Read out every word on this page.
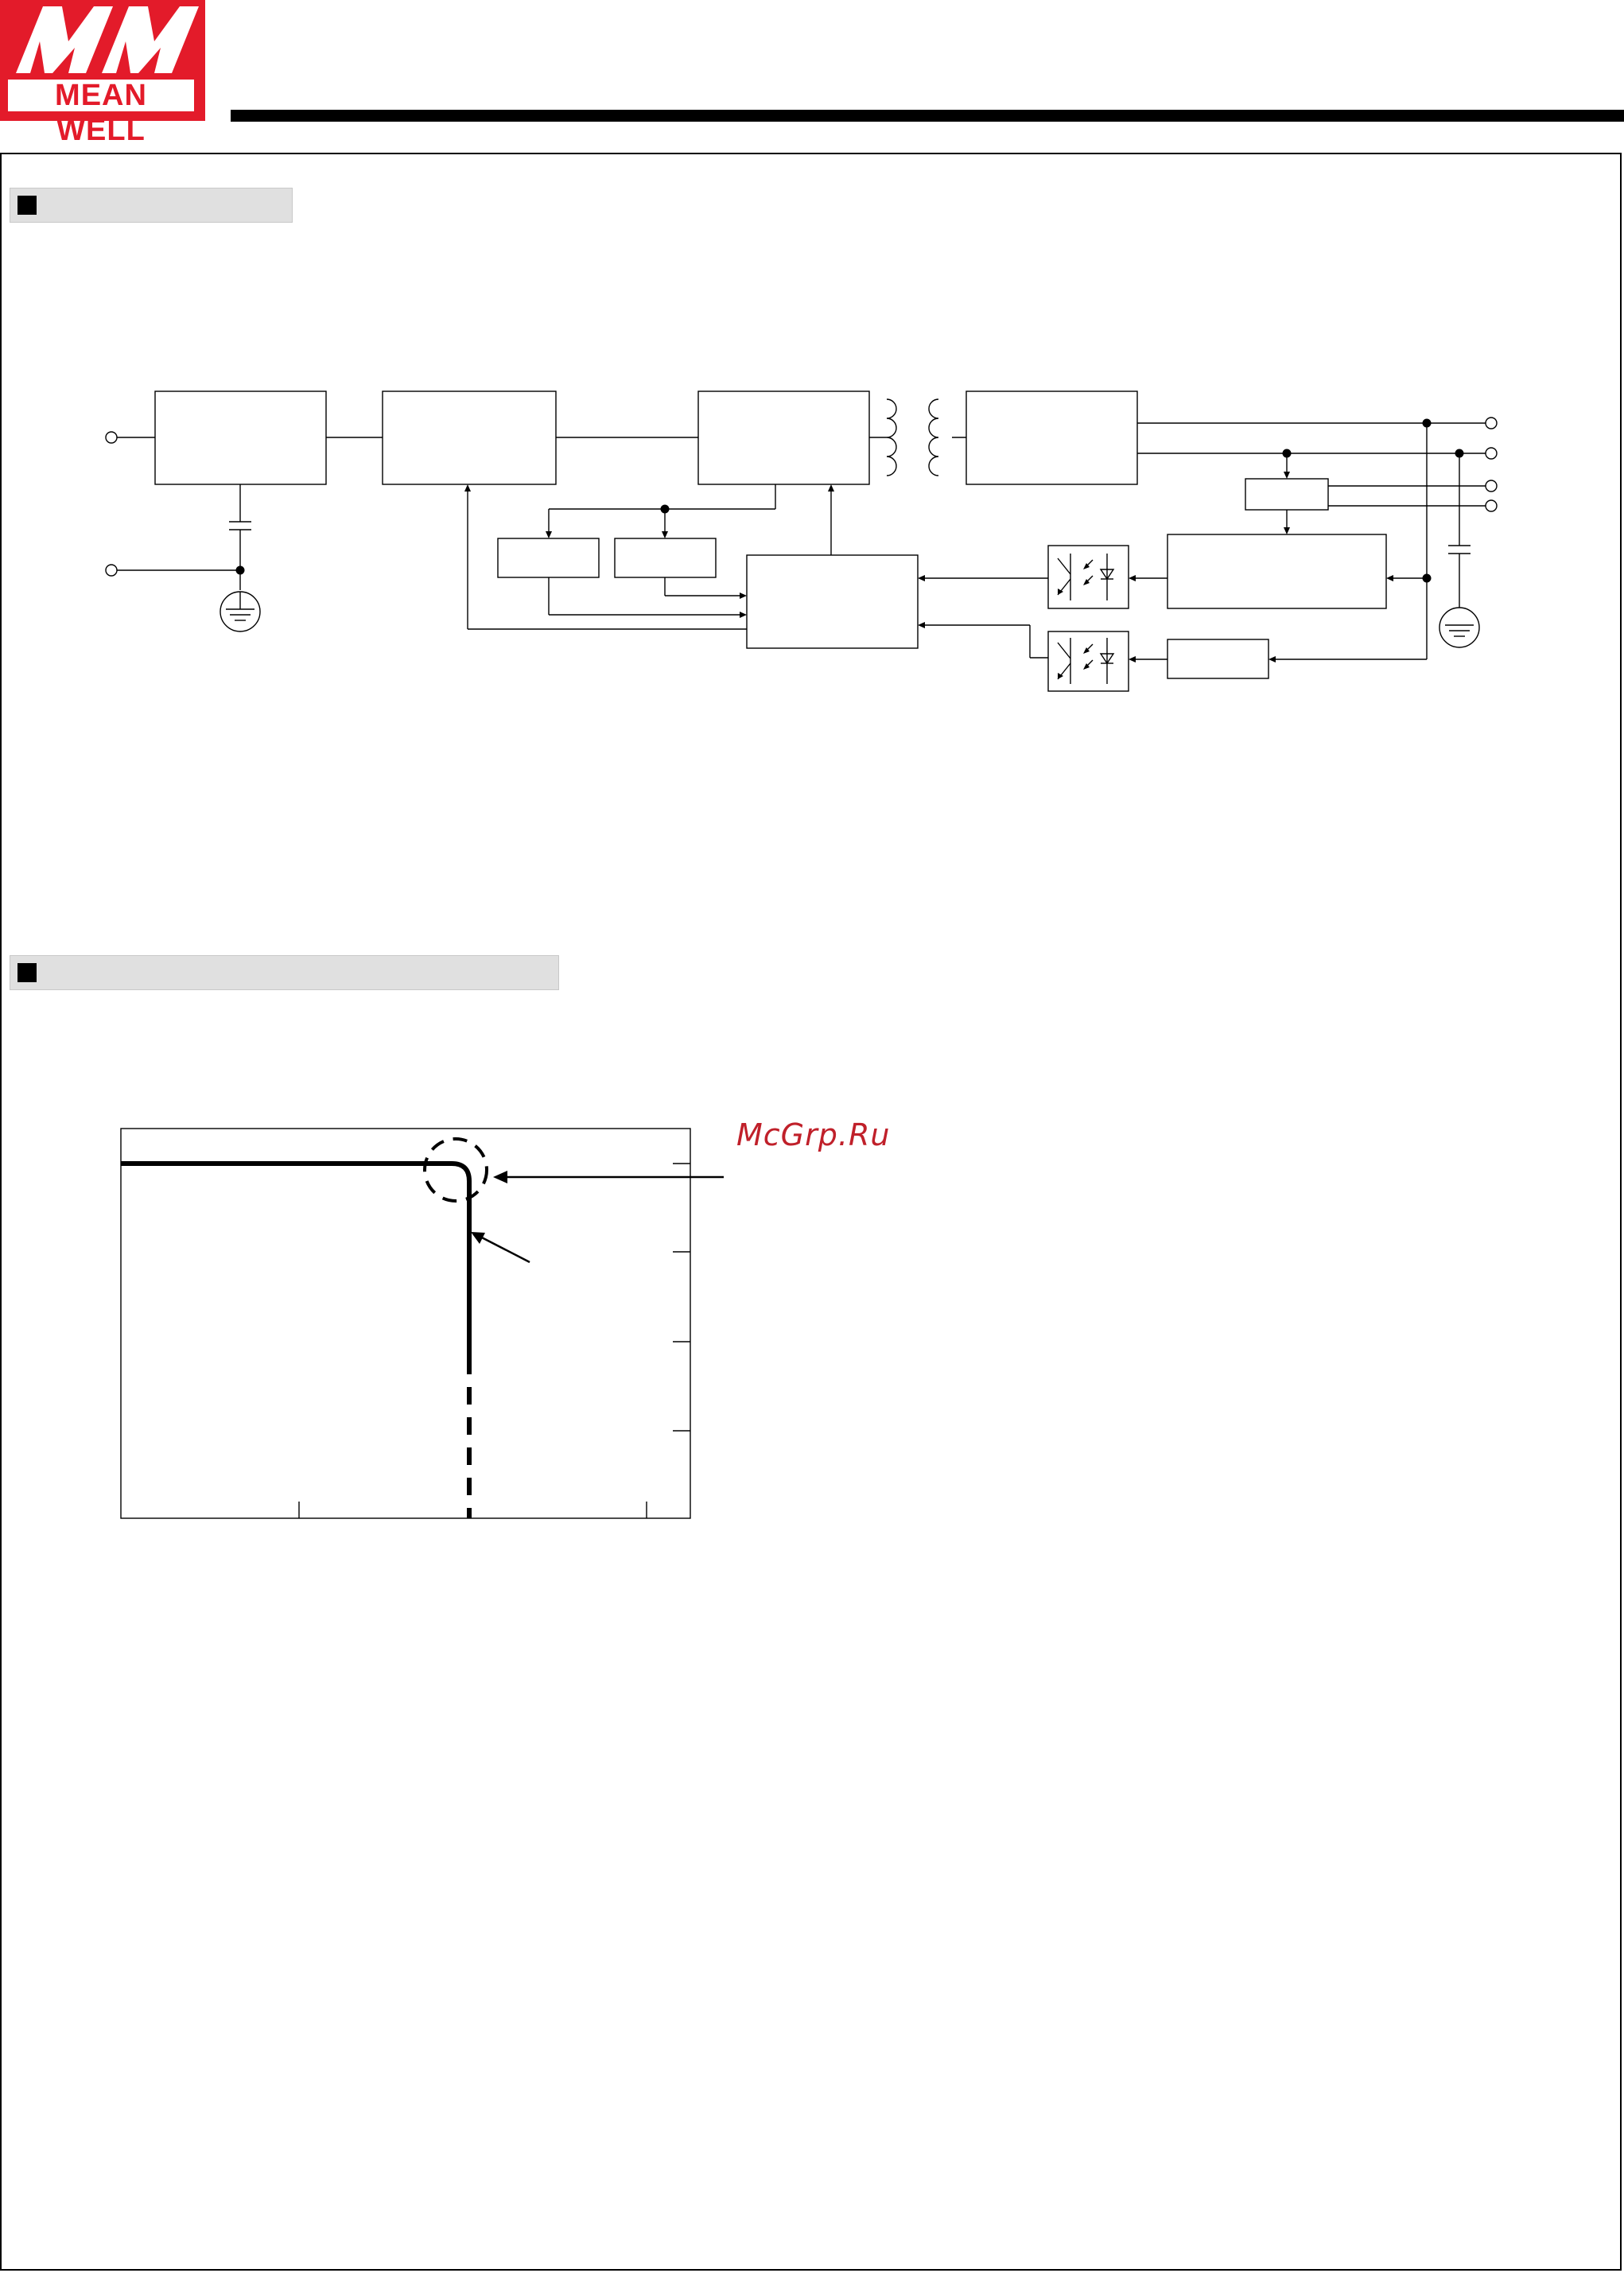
MEAN WELL
McGrp.Ru
